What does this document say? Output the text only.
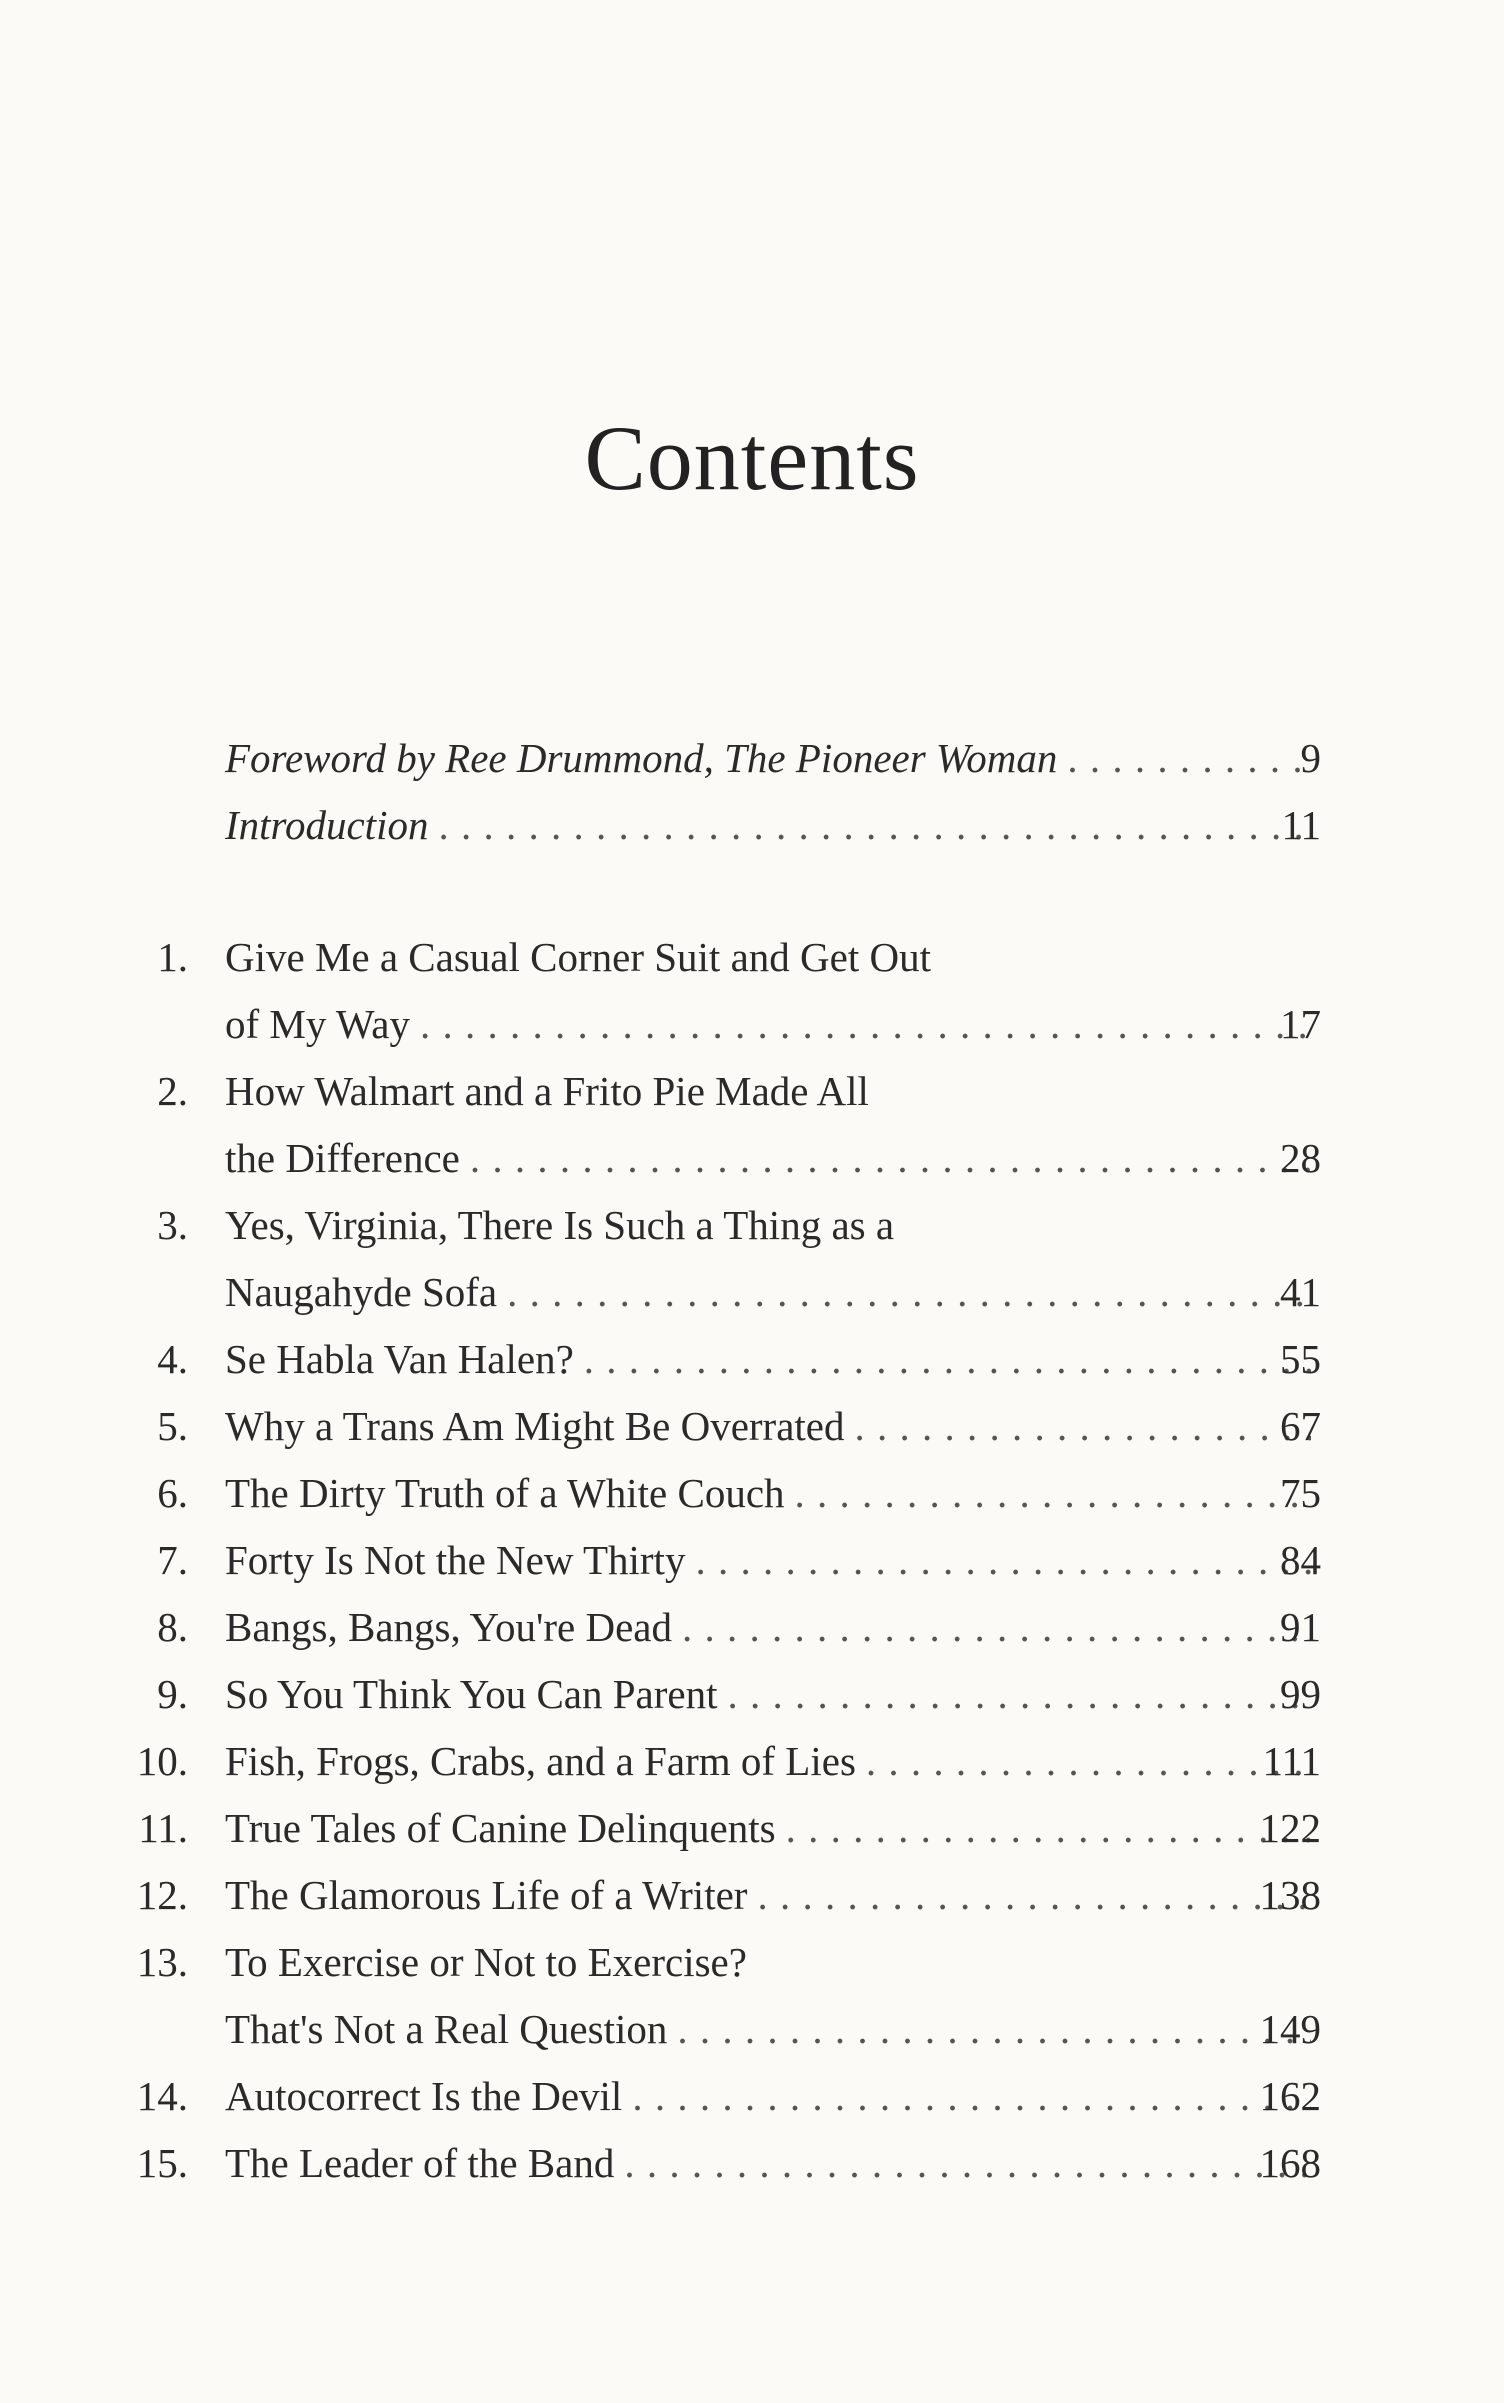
Contents
Foreword by Ree Drummond, The Pioneer Woman . . .	9
Introduction . . .	11
1. Give Me a Casual Corner Suit and Get Out
of My Way . . .	17
2. How Walmart and a Frito Pie Made All
the Difference . . .	28
3. Yes, Virginia, There Is Such a Thing as a
Naugahyde Sofa . . .	41
4. Se Habla Van Halen? . . .	55
5. Why a Trans Am Might Be Overrated . . .	67
6. The Dirty Truth of a White Couch . . .	75
7. Forty Is Not the New Thirty . . .	84
8. Bangs, Bangs, You're Dead . . .	91
9. So You Think You Can Parent . . .	99
10. Fish, Frogs, Crabs, and a Farm of Lies . . .	111
11. True Tales of Canine Delinquents . . .	122
12. The Glamorous Life of a Writer . . .	138
13. To Exercise or Not to Exercise?
That's Not a Real Question . . .	149
14. Autocorrect Is the Devil . . .	162
15. The Leader of the Band . . .	168
